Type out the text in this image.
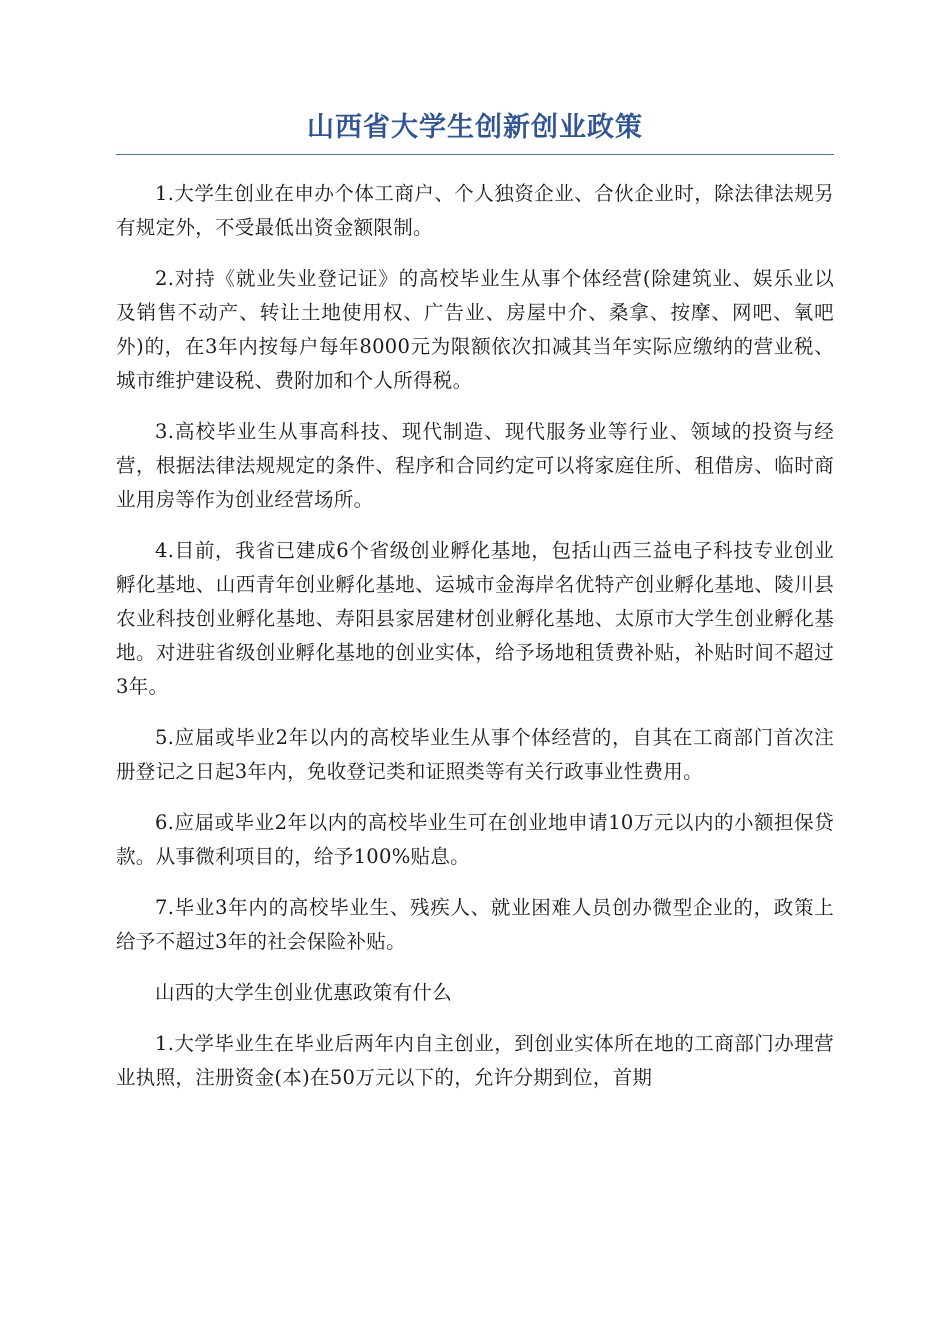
山西省大学生创新创业政策

1.大学生创业在申办个体工商户、个人独资企业、合伙企业时，除法律法规另有规定外，不受最低出资金额限制。

2.对持《就业失业登记证》的高校毕业生从事个体经营(除建筑业、娱乐业以及销售不动产、转让土地使用权、广告业、房屋中介、桑拿、按摩、网吧、氧吧外)的，在3年内按每户每年8000元为限额依次扣减其当年实际应缴纳的营业税、城市维护建设税、费附加和个人所得税。

3.高校毕业生从事高科技、现代制造、现代服务业等行业、领域的投资与经营，根据法律法规规定的条件、程序和合同约定可以将家庭住所、租借房、临时商业用房等作为创业经营场所。

4.目前，我省已建成6个省级创业孵化基地，包括山西三益电子科技专业创业孵化基地、山西青年创业孵化基地、运城市金海岸名优特产创业孵化基地、陵川县农业科技创业孵化基地、寿阳县家居建材创业孵化基地、太原市大学生创业孵化基地。对进驻省级创业孵化基地的创业实体，给予场地租赁费补贴，补贴时间不超过3年。

5.应届或毕业2年以内的高校毕业生从事个体经营的，自其在工商部门首次注册登记之日起3年内，免收登记类和证照类等有关行政事业性费用。

6.应届或毕业2年以内的高校毕业生可在创业地申请10万元以内的小额担保贷款。从事微利项目的，给予100%贴息。

7.毕业3年内的高校毕业生、残疾人、就业困难人员创办微型企业的，政策上给予不超过3年的社会保险补贴。

山西的大学生创业优惠政策有什么

1.大学毕业生在毕业后两年内自主创业，到创业实体所在地的工商部门办理营业执照，注册资金(本)在50万元以下的，允许分期到位，首期
